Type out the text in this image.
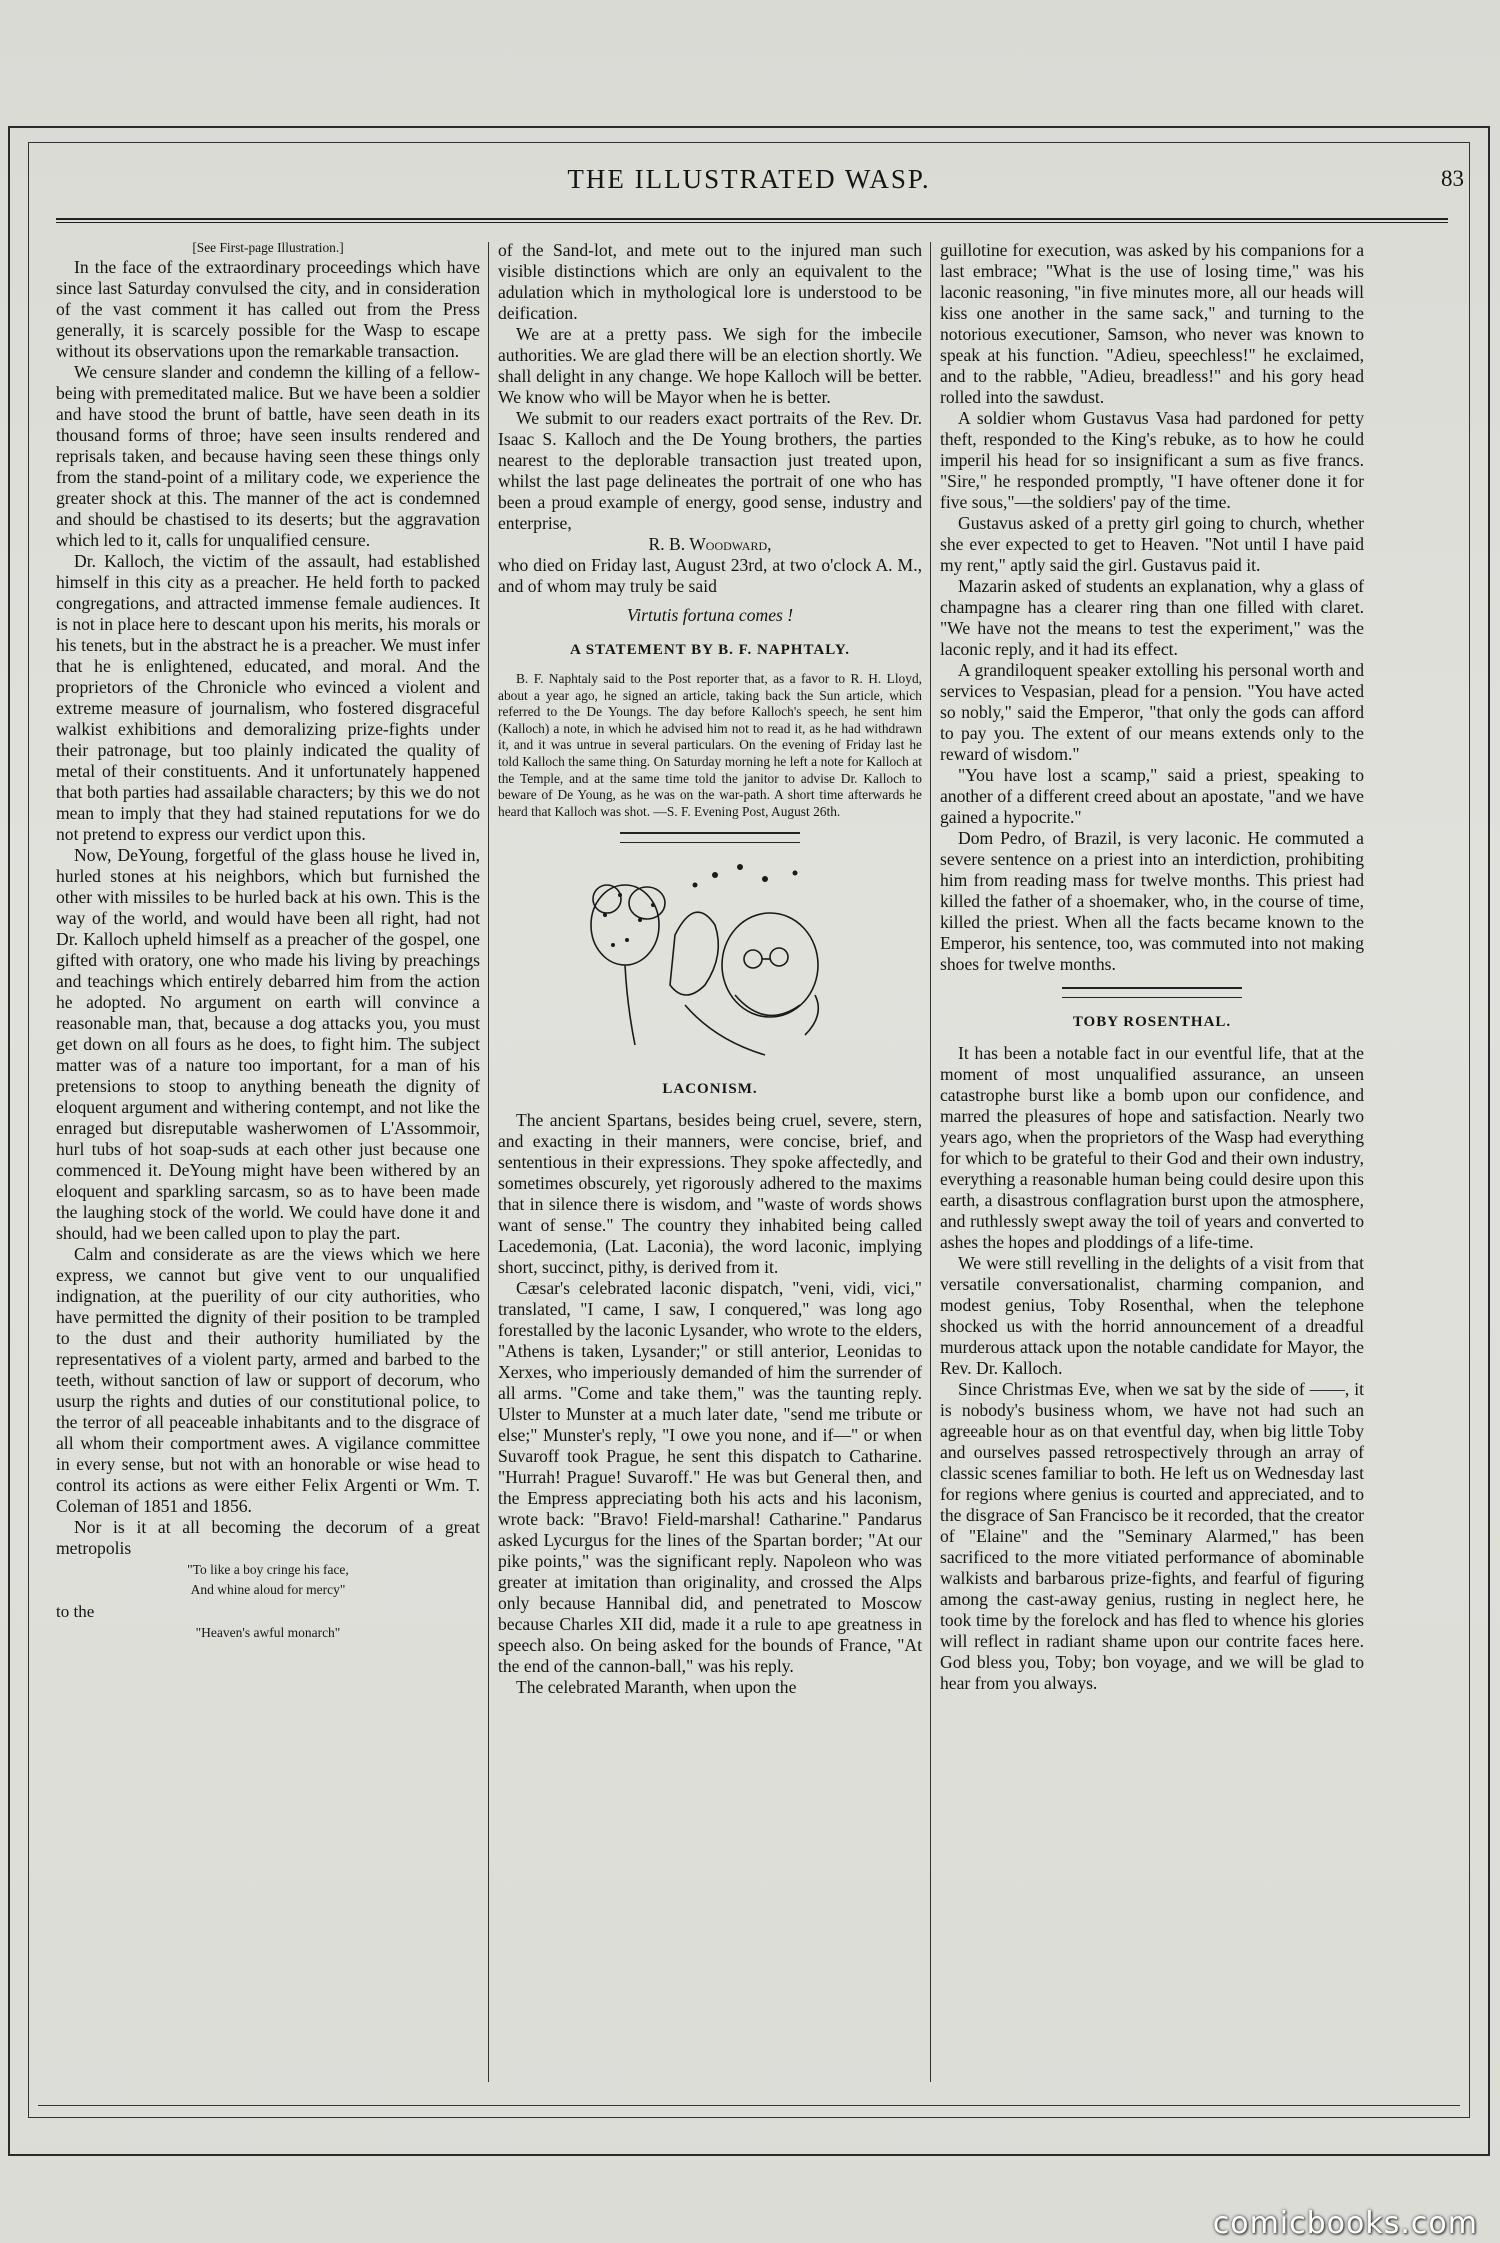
THE ILLUSTRATED WASP.	83

[See First-page Illustration.]

In the face of the extraordinary proceedings which have since last Saturday convulsed the city, and in consideration of the vast comment it has called out from the Press generally, it is scarcely possible for the Wasp to escape without its observations upon the remarkable transaction.

We censure slander and condemn the killing of a fellow-being with premeditated malice. But we have been a soldier and have stood the brunt of battle, have seen death in its thousand forms of throe; have seen insults rendered and reprisals taken, and because having seen these things only from the stand-point of a military code, we experience the greater shock at this. The manner of the act is condemned and should be chastised to its deserts; but the aggravation which led to it, calls for unqualified censure.

Dr. Kalloch, the victim of the assault, had established himself in this city as a preacher. He held forth to packed congregations, and attracted immense female audiences. It is not in place here to descant upon his merits, his morals or his tenets, but in the abstract he is a preacher. We must infer that he is enlightened, educated, and moral. And the proprietors of the Chronicle who evinced a violent and extreme measure of journalism, who fostered disgraceful walkist exhibitions and demoralizing prize-fights under their patronage, but too plainly indicated the quality of metal of their constituents. And it unfortunately happened that both parties had assailable characters; by this we do not mean to imply that they had stained reputations for we do not pretend to express our verdict upon this.

Now, DeYoung, forgetful of the glass house he lived in, hurled stones at his neighbors, which but furnished the other with missiles to be hurled back at his own. This is the way of the world, and would have been all right, had not Dr. Kalloch upheld himself as a preacher of the gospel, one gifted with oratory, one who made his living by preachings and teachings which entirely debarred him from the action he adopted. No argument on earth will convince a reasonable man, that, because a dog attacks you, you must get down on all fours as he does, to fight him. The subject matter was of a nature too important, for a man of his pretensions to stoop to anything beneath the dignity of eloquent argument and withering contempt, and not like the enraged but disreputable washerwomen of L'Assommoir, hurl tubs of hot soap-suds at each other just because one commenced it. DeYoung might have been withered by an eloquent and sparkling sarcasm, so as to have been made the laughing stock of the world. We could have done it and should, had we been called upon to play the part.

Calm and considerate as are the views which we here express, we cannot but give vent to our unqualified indignation, at the puerility of our city authorities, who have permitted the dignity of their position to be trampled to the dust and their authority humiliated by the representatives of a violent party, armed and barbed to the teeth, without sanction of law or support of decorum, who usurp the rights and duties of our constitutional police, to the terror of all peaceable inhabitants and to the disgrace of all whom their comportment awes. A vigilance committee in every sense, but not with an honorable or wise head to control its actions as were either Felix Argenti or Wm. T. Coleman of 1851 and 1856.

Nor is it at all becoming the decorum of a great metropolis

"To like a boy cringe his face,
And whine aloud for mercy"
to the
"Heaven's awful monarch"

of the Sand-lot, and mete out to the injured man such visible distinctions which are only an equivalent to the adulation which in mythological lore is understood to be deification.

We are at a pretty pass. We sigh for the imbecile authorities. We are glad there will be an election shortly. We shall delight in any change. We hope Kalloch will be better. We know who will be Mayor when he is better.

We submit to our readers exact portraits of the Rev. Dr. Isaac S. Kalloch and the De Young brothers, the parties nearest to the deplorable transaction just treated upon, whilst the last page delineates the portrait of one who has been a proud example of energy, good sense, industry and enterprise,

R. B. Woodward,

who died on Friday last, August 23rd, at two o'clock A. M., and of whom may truly be said

Virtutis fortuna comes !

A STATEMENT BY B. F. NAPHTALY.

B. F. Naphtaly said to the Post reporter that, as a favor to R. H. Lloyd, about a year ago, he signed an article, taking back the Sun article, which referred to the De Youngs. The day before Kalloch's speech, he sent him (Kalloch) a note, in which he advised him not to read it, as he had withdrawn it, and it was untrue in several particulars. On the evening of Friday last he told Kalloch the same thing. On Saturday morning he left a note for Kalloch at the Temple, and at the same time told the janitor to advise Dr. Kalloch to beware of De Young, as he was on the war-path. A short time afterwards he heard that Kalloch was shot. —S. F. Evening Post, August 26th.

LACONISM.

The ancient Spartans, besides being cruel, severe, stern, and exacting in their manners, were concise, brief, and sententious in their expressions. They spoke affectedly, and sometimes obscurely, yet rigorously adhered to the maxims that in silence there is wisdom, and "waste of words shows want of sense." The country they inhabited being called Lacedemonia, (Lat. Laconia), the word laconic, implying short, succinct, pithy, is derived from it.

Cæsar's celebrated laconic dispatch, "veni, vidi, vici," translated, "I came, I saw, I conquered," was long ago forestalled by the laconic Lysander, who wrote to the elders, "Athens is taken, Lysander;" or still anterior, Leonidas to Xerxes, who imperiously demanded of him the surrender of all arms. "Come and take them," was the taunting reply. Ulster to Munster at a much later date, "send me tribute or else;" Munster's reply, "I owe you none, and if—" or when Suvaroff took Prague, he sent this dispatch to Catharine. "Hurrah! Prague! Suvaroff." He was but General then, and the Empress appreciating both his acts and his laconism, wrote back: "Bravo! Field-marshal! Catharine." Pandarus asked Lycurgus for the lines of the Spartan border; "At our pike points," was the significant reply. Napoleon who was greater at imitation than originality, and crossed the Alps only because Hannibal did, and penetrated to Moscow because Charles XII did, made it a rule to ape greatness in speech also. On being asked for the bounds of France, "At the end of the cannon-ball," was his reply.

The celebrated Maranth, when upon the

guillotine for execution, was asked by his companions for a last embrace; "What is the use of losing time," was his laconic reasoning, "in five minutes more, all our heads will kiss one another in the same sack," and turning to the notorious executioner, Samson, who never was known to speak at his function. "Adieu, speechless!" he exclaimed, and to the rabble, "Adieu, breadless!" and his gory head rolled into the sawdust.

A soldier whom Gustavus Vasa had pardoned for petty theft, responded to the King's rebuke, as to how he could imperil his head for so insignificant a sum as five francs. "Sire," he responded promptly, "I have oftener done it for five sous,"—the soldiers' pay of the time.

Gustavus asked of a pretty girl going to church, whether she ever expected to get to Heaven. "Not until I have paid my rent," aptly said the girl. Gustavus paid it.

Mazarin asked of students an explanation, why a glass of champagne has a clearer ring than one filled with claret. "We have not the means to test the experiment," was the laconic reply, and it had its effect.

A grandiloquent speaker extolling his personal worth and services to Vespasian, plead for a pension. "You have acted so nobly," said the Emperor, "that only the gods can afford to pay you. The extent of our means extends only to the reward of wisdom."

"You have lost a scamp," said a priest, speaking to another of a different creed about an apostate, "and we have gained a hypocrite."

Dom Pedro, of Brazil, is very laconic. He commuted a severe sentence on a priest into an interdiction, prohibiting him from reading mass for twelve months. This priest had killed the father of a shoemaker, who, in the course of time, killed the priest. When all the facts became known to the Emperor, his sentence, too, was commuted into not making shoes for twelve months.

TOBY ROSENTHAL.

It has been a notable fact in our eventful life, that at the moment of most unqualified assurance, an unseen catastrophe burst like a bomb upon our confidence, and marred the pleasures of hope and satisfaction. Nearly two years ago, when the proprietors of the Wasp had everything for which to be grateful to their God and their own industry, everything a reasonable human being could desire upon this earth, a disastrous conflagration burst upon the atmosphere, and ruthlessly swept away the toil of years and converted to ashes the hopes and ploddings of a life-time.

We were still revelling in the delights of a visit from that versatile conversationalist, charming companion, and modest genius, Toby Rosenthal, when the telephone shocked us with the horrid announcement of a dreadful murderous attack upon the notable candidate for Mayor, the Rev. Dr. Kalloch.

Since Christmas Eve, when we sat by the side of ——, it is nobody's business whom, we have not had such an agreeable hour as on that eventful day, when big little Toby and ourselves passed retrospectively through an array of classic scenes familiar to both. He left us on Wednesday last for regions where genius is courted and appreciated, and to the disgrace of San Francisco be it recorded, that the creator of "Elaine" and the "Seminary Alarmed," has been sacrificed to the more vitiated performance of abominable walkists and barbarous prize-fights, and fearful of figuring among the cast-away genius, rusting in neglect here, he took time by the forelock and has fled to whence his glories will reflect in radiant shame upon our contrite faces here. God bless you, Toby; bon voyage, and we will be glad to hear from you always.

comicbooks.com
